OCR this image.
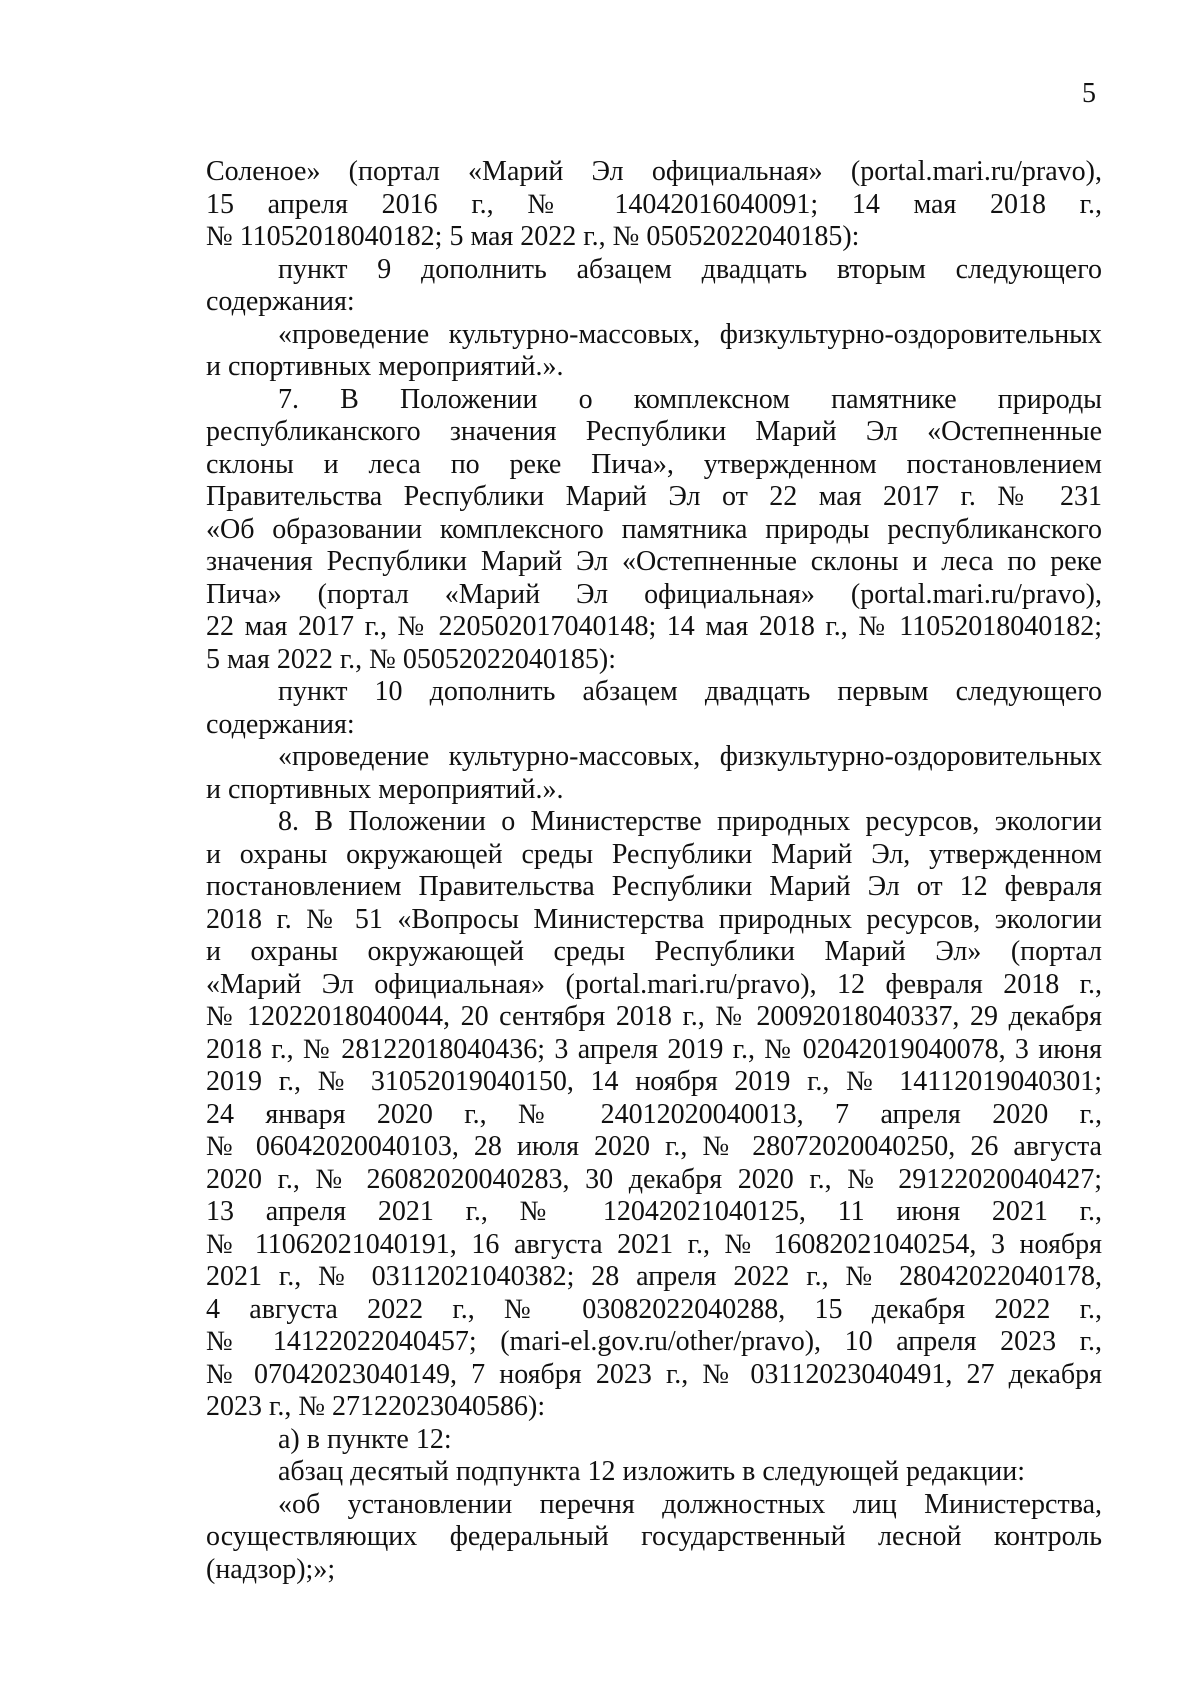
5

Соленое» (портал «Марий Эл официальная» (portal.mari.ru/pravo),

15 апреля 2016 г., № 14042016040091; 14 мая 2018 г.,

№ 11052018040182; 5 мая 2022 г., № 05052022040185):

пункт 9 дополнить абзацем двадцать вторым следующего

содержания:

«проведение культурно-массовых, физкультурно-оздоровительных

и спортивных мероприятий.».

7. В Положении о комплексном памятнике природы

республиканского значения Республики Марий Эл «Остепненные

склоны и леса по реке Пича», утвержденном постановлением

Правительства Республики Марий Эл от 22 мая 2017 г. № 231

«Об образовании комплексного памятника природы республиканского

значения Республики Марий Эл «Остепненные склоны и леса по реке

Пича» (портал «Марий Эл официальная» (portal.mari.ru/pravo),

22 мая 2017 г., № 220502017040148; 14 мая 2018 г., № 11052018040182;

5 мая 2022 г., № 05052022040185):

пункт 10 дополнить абзацем двадцать первым следующего

содержания:

«проведение культурно-массовых, физкультурно-оздоровительных

и спортивных мероприятий.».

8. В Положении о Министерстве природных ресурсов, экологии

и охраны окружающей среды Республики Марий Эл, утвержденном

постановлением Правительства Республики Марий Эл от 12 февраля

2018 г. № 51 «Вопросы Министерства природных ресурсов, экологии

и охраны окружающей среды Республики Марий Эл» (портал

«Марий Эл официальная» (portal.mari.ru/pravo), 12 февраля 2018 г.,

№ 12022018040044, 20 сентября 2018 г., № 20092018040337, 29 декабря

2018 г., № 28122018040436; 3 апреля 2019 г., № 02042019040078, 3 июня

2019 г., № 31052019040150, 14 ноября 2019 г., № 14112019040301;

24 января 2020 г., № 24012020040013, 7 апреля 2020 г.,

№ 06042020040103, 28 июля 2020 г., № 28072020040250, 26 августа

2020 г., № 26082020040283, 30 декабря 2020 г., № 29122020040427;

13 апреля 2021 г., № 12042021040125, 11 июня 2021 г.,

№ 11062021040191, 16 августа 2021 г., № 16082021040254, 3 ноября

2021 г., № 03112021040382; 28 апреля 2022 г., № 28042022040178,

4 августа 2022 г., № 03082022040288, 15 декабря 2022 г.,

№ 14122022040457; (mari-el.gov.ru/other/pravo), 10 апреля 2023 г.,

№ 07042023040149, 7 ноября 2023 г., № 03112023040491, 27 декабря

2023 г., № 27122023040586):

а) в пункте 12:

абзац десятый подпункта 12 изложить в следующей редакции:

«об установлении перечня должностных лиц Министерства,

осуществляющих федеральный государственный лесной контроль

(надзор);»;
